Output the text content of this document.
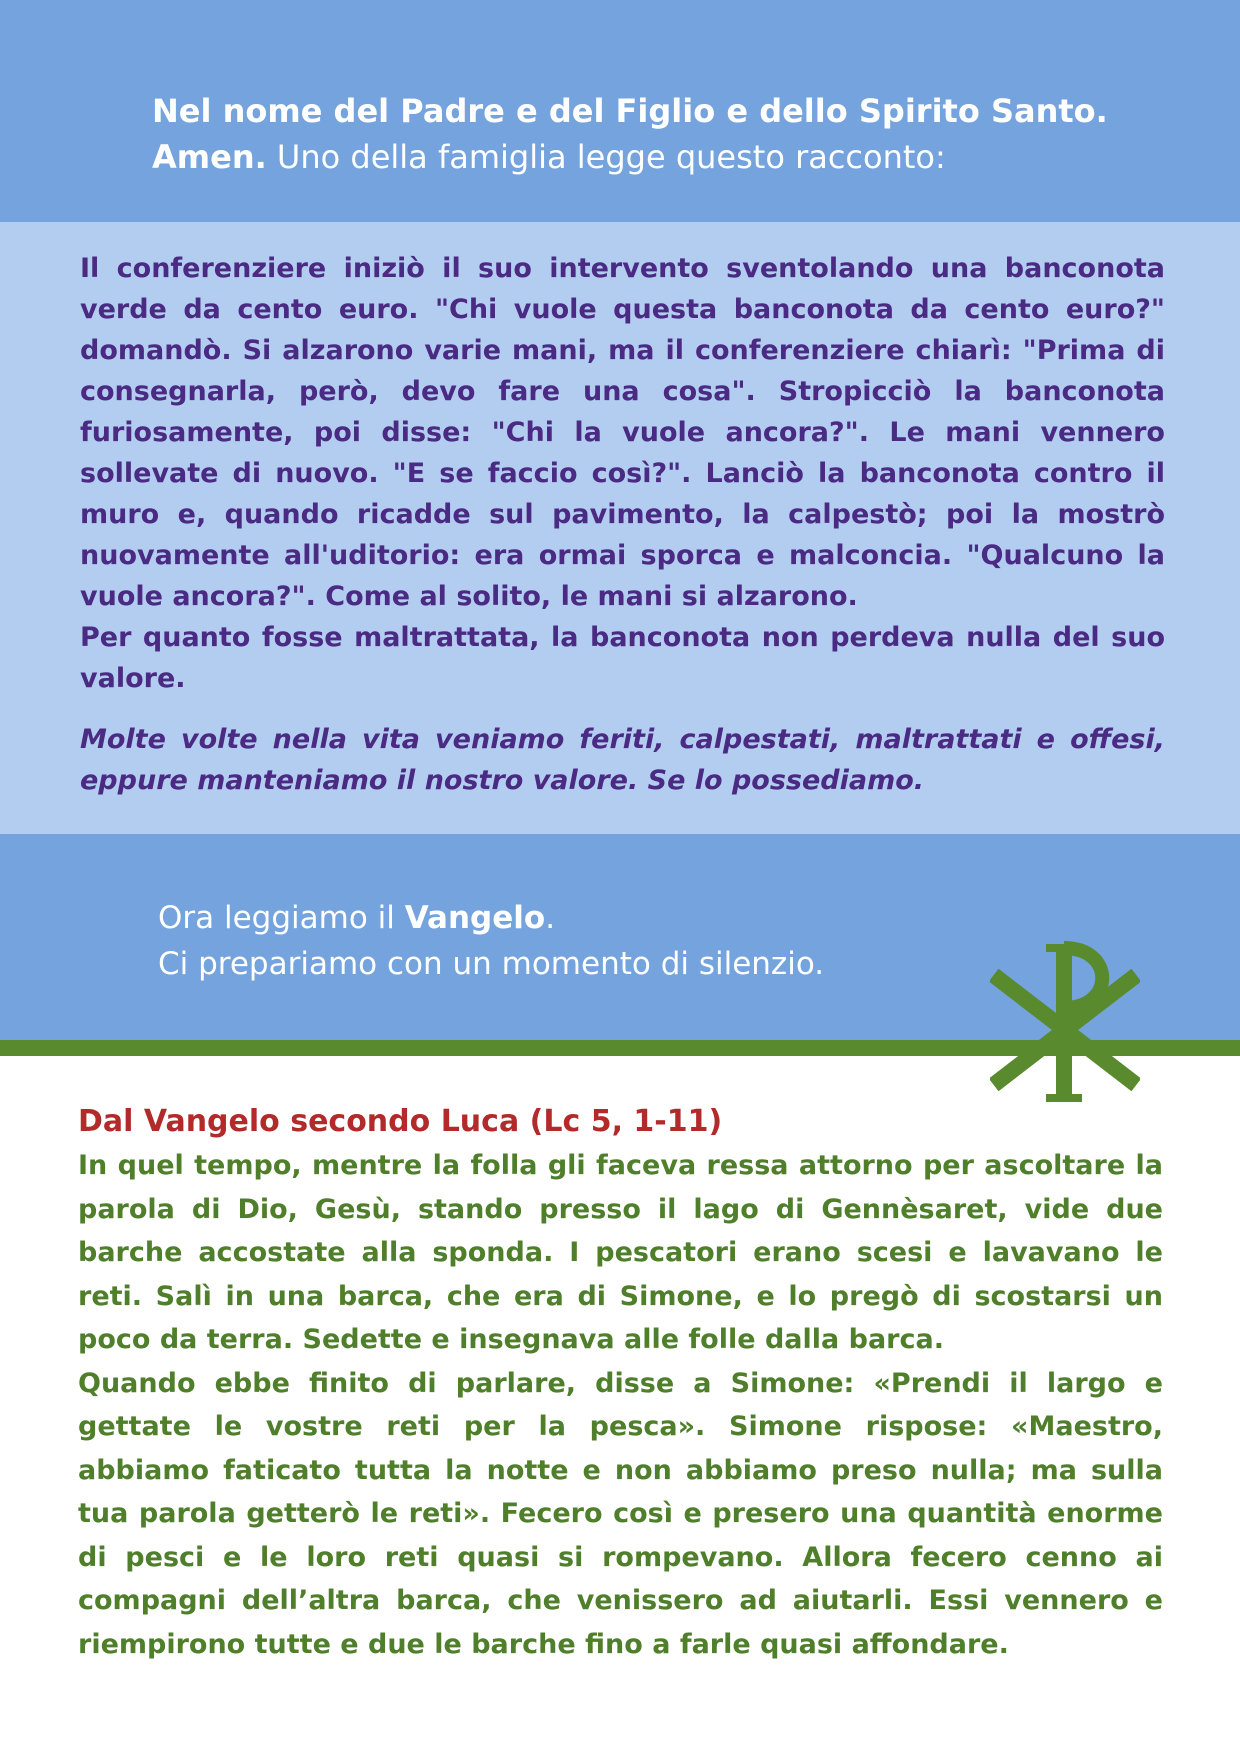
Nel nome del Padre e del Figlio e dello Spirito Santo.
Amen. Uno della famiglia legge questo racconto:

Il conferenziere iniziò il suo intervento sventolando una banconota verde da cento euro. "Chi vuole questa banconota da cento euro?" domandò. Si alzarono varie mani, ma il conferenziere chiarì: "Prima di consegnarla, però, devo fare una cosa". Stropicciò la banconota furiosamente, poi disse: "Chi la vuole ancora?". Le mani vennero sollevate di nuovo. "E se faccio così?". Lanciò la banconota contro il muro e, quando ricadde sul pavimento, la calpestò; poi la mostrò nuovamente all'uditorio: era ormai sporca e malconcia. "Qualcuno la vuole ancora?". Come al solito, le mani si alzarono.

Per quanto fosse maltrattata, la banconota non perdeva nulla del suo valore.

Molte volte nella vita veniamo feriti, calpestati, maltrattati e offesi, eppure manteniamo il nostro valore. Se lo possediamo.

Ora leggiamo il Vangelo.
Ci prepariamo con un momento di silenzio.
Dal Vangelo secondo Luca (Lc 5, 1-11)

In quel tempo, mentre la folla gli faceva ressa attorno per ascoltare la parola di Dio, Gesù, stando presso il lago di Gennèsaret, vide due barche accostate alla sponda. I pescatori erano scesi e lavavano le reti. Salì in una barca, che era di Simone, e lo pregò di scostarsi un poco da terra. Sedette e insegnava alle folle dalla barca.

Quando ebbe finito di parlare, disse a Simone: «Prendi il largo e gettate le vostre reti per la pesca». Simone rispose: «Maestro, abbiamo faticato tutta la notte e non abbiamo preso nulla; ma sulla tua parola getterò le reti». Fecero così e presero una quantità enorme di pesci e le loro reti quasi si rompevano. Allora fecero cenno ai compagni dell’altra barca, che venissero ad aiutarli. Essi vennero e riempirono tutte e due le barche fino a farle quasi affondare.
